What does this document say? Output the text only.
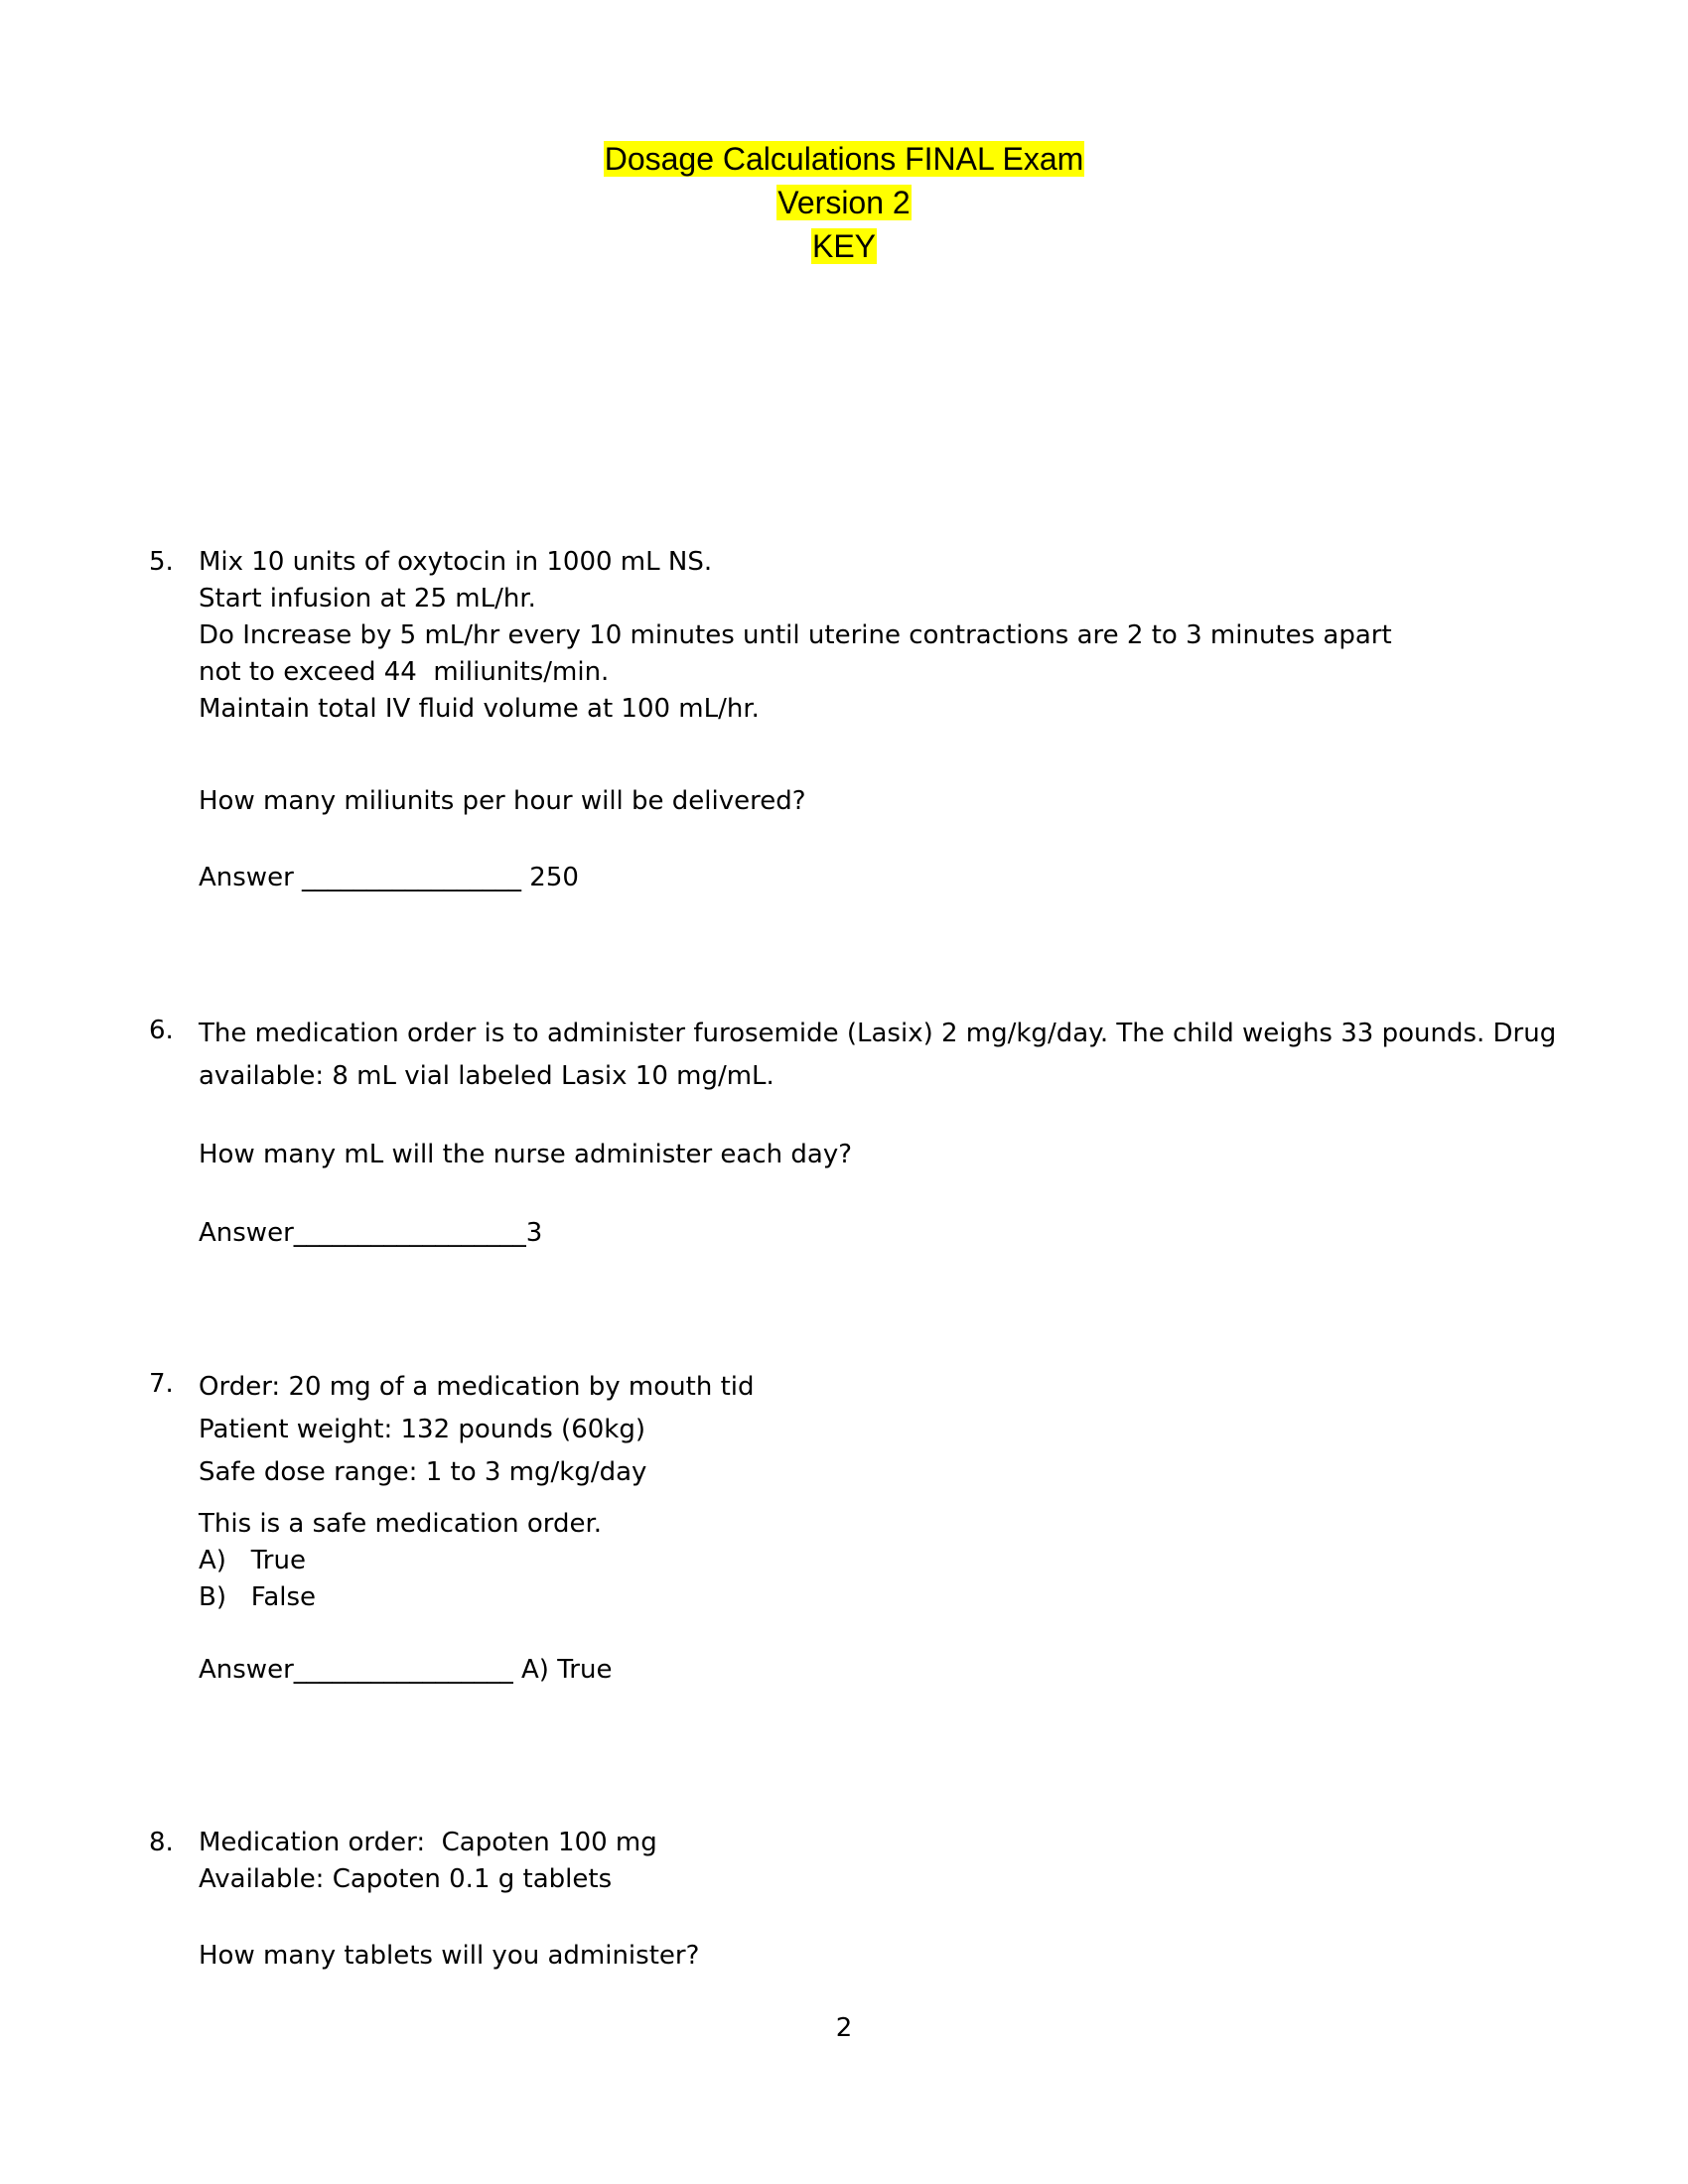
Dosage Calculations FINAL Exam
Version 2
KEY
5. Mix 10 units of oxytocin in 1000 mL NS.
Start infusion at 25 mL/hr.
Do Increase by 5 mL/hr every 10 minutes until uterine contractions are 2 to 3 minutes apart
not to exceed 44  miliunits/min.
Maintain total IV fluid volume at 100 mL/hr.
How many miliunits per hour will be delivered?
Answer _________________ 250
6. The medication order is to administer furosemide (Lasix) 2 mg/kg/day. The child weighs 33 pounds. Drug
available: 8 mL vial labeled Lasix 10 mg/mL.
How many mL will the nurse administer each day?
Answer__________________3
7. Order: 20 mg of a medication by mouth tid
Patient weight: 132 pounds (60kg)
Safe dose range: 1 to 3 mg/kg/day
This is a safe medication order.
A)   True
B)   False
Answer_________________ A) True
8. Medication order:  Capoten 100 mg
Available: Capoten 0.1 g tablets
How many tablets will you administer?
2
